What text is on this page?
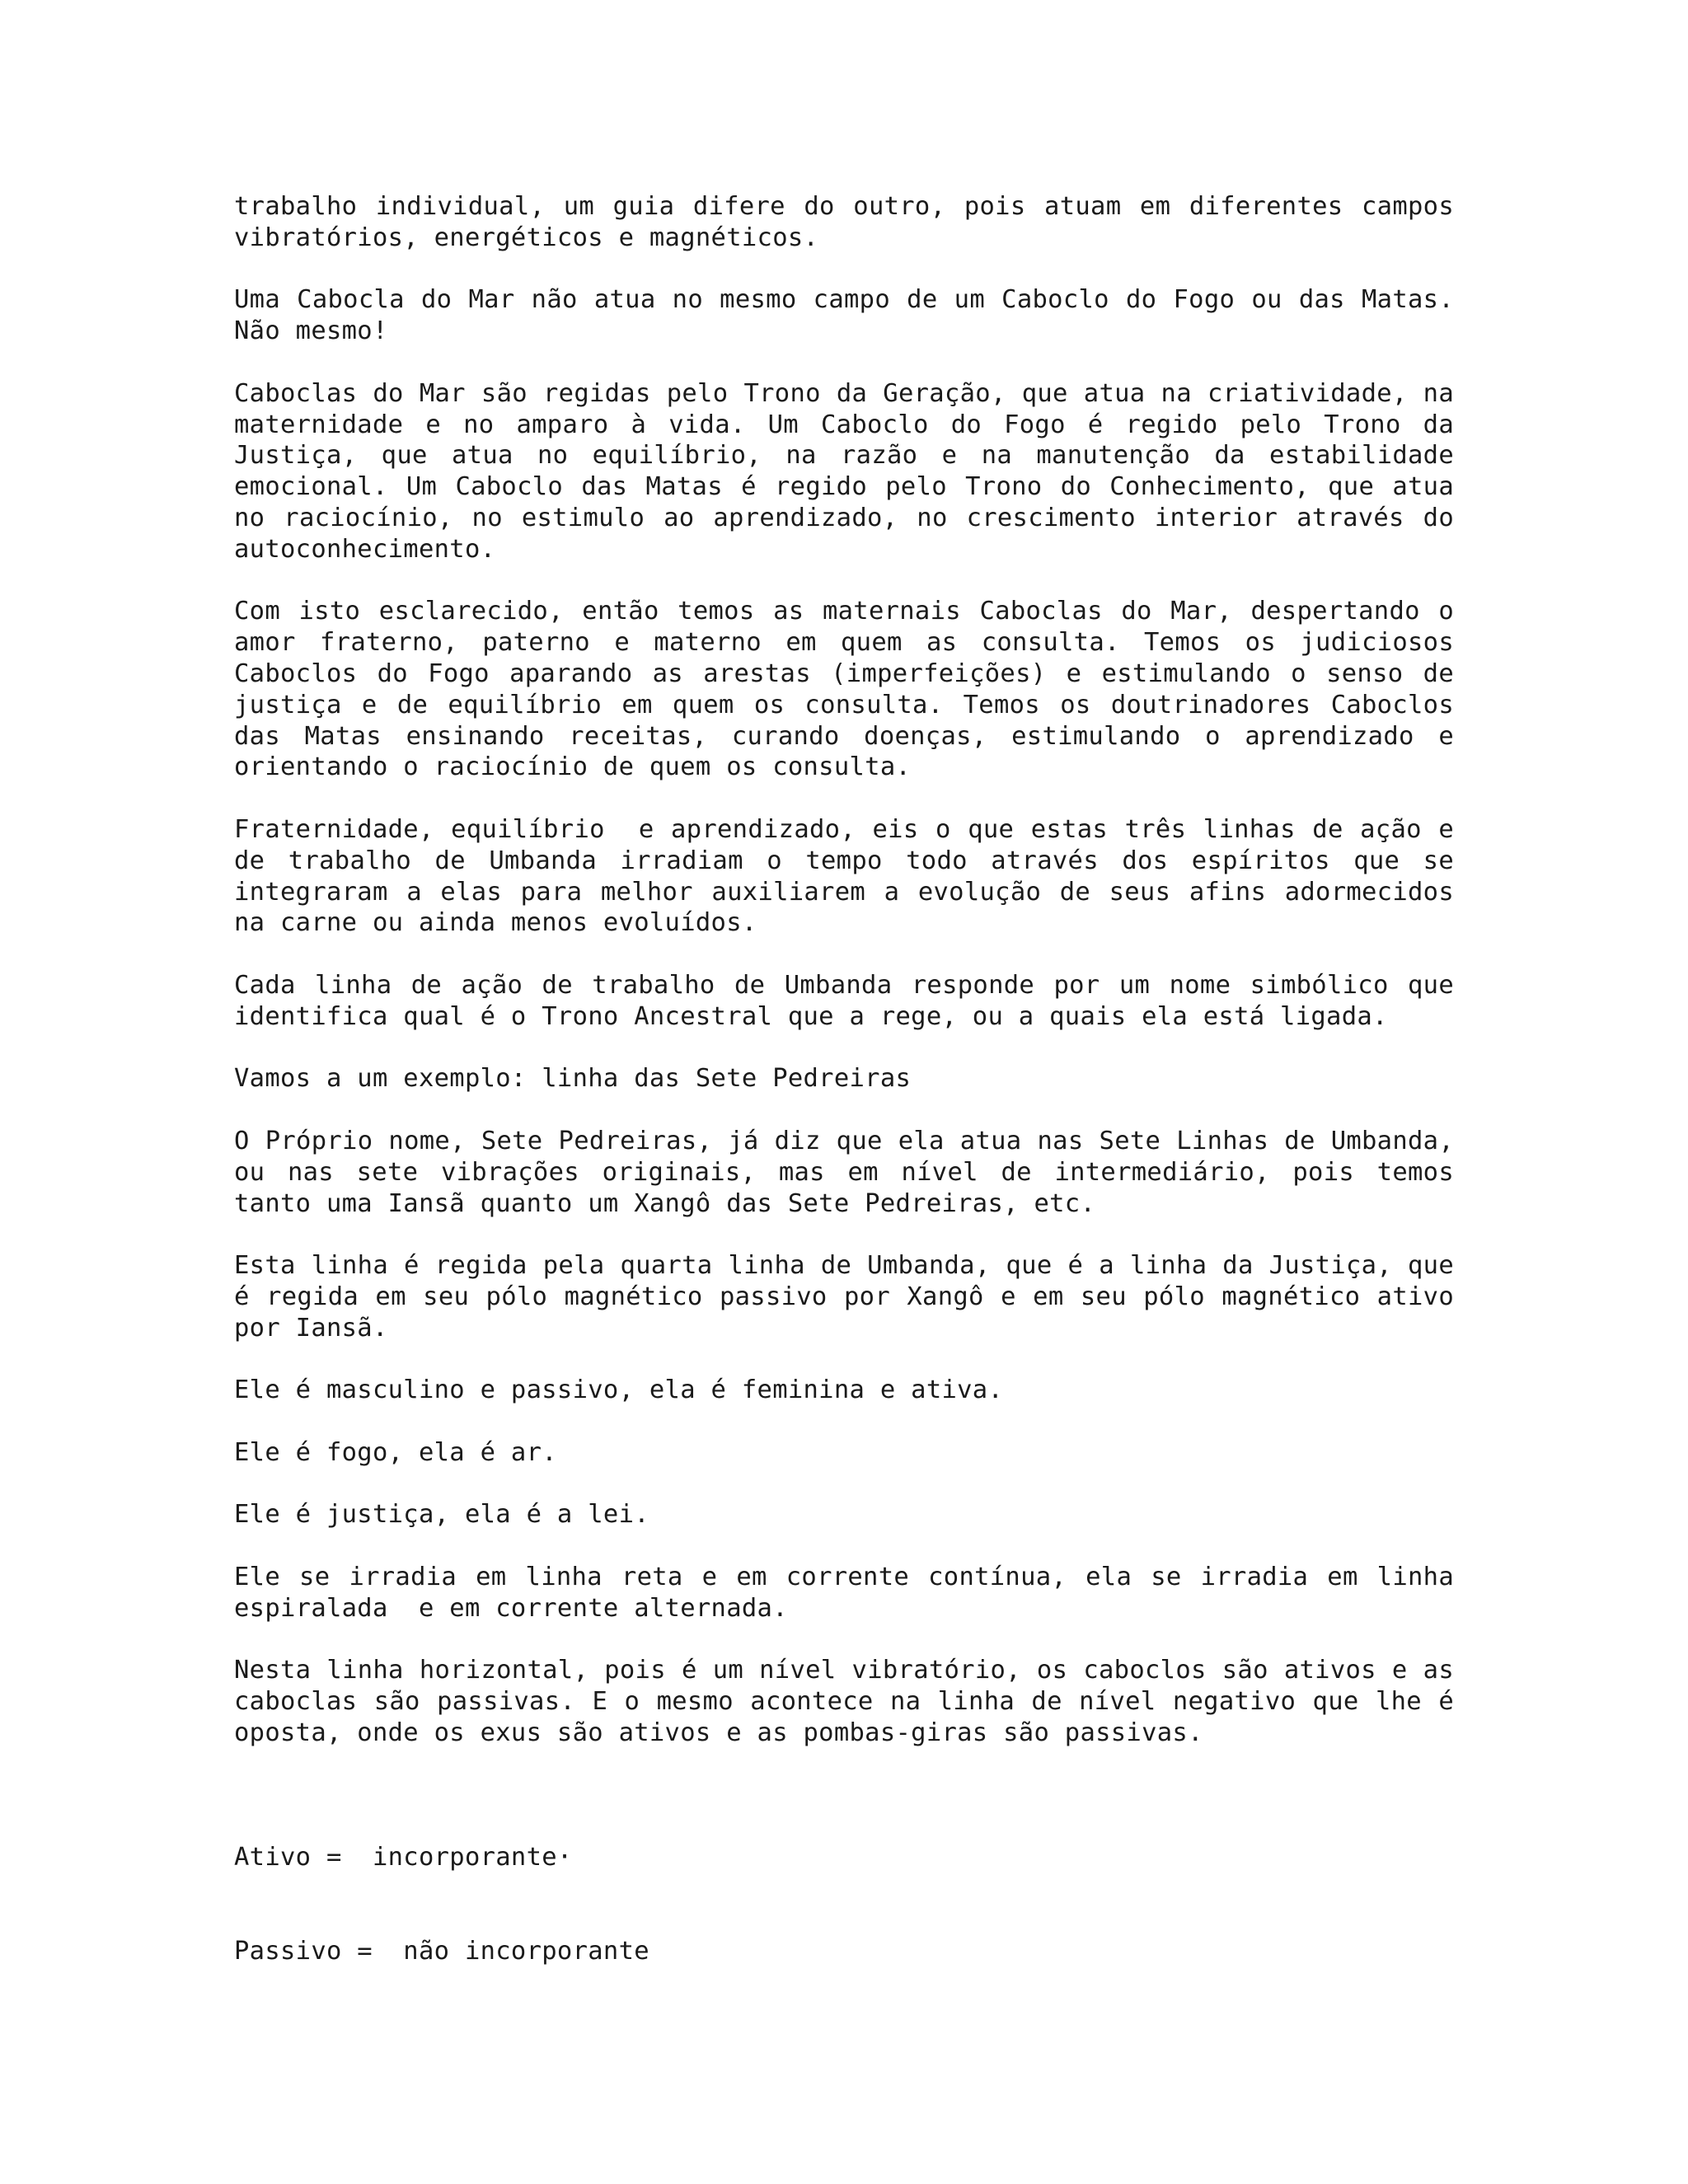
trabalho individual, um guia difere do outro, pois atuam em diferentes campos vibratórios, energéticos e magnéticos.

Uma Cabocla do Mar não atua no mesmo campo de um Caboclo do Fogo ou das Matas. Não mesmo!

Caboclas do Mar são regidas pelo Trono da Geração, que atua na criatividade, na maternidade e no amparo à vida. Um Caboclo do Fogo é regido pelo Trono da Justiça, que atua no equilíbrio, na razão e na manutenção da estabilidade emocional. Um Caboclo das Matas é regido pelo Trono do Conhecimento, que atua no raciocínio, no estimulo ao aprendizado, no crescimento interior através do autoconhecimento.

Com isto esclarecido, então temos as maternais Caboclas do Mar, despertando o amor fraterno, paterno e materno em quem as consulta. Temos os judiciosos Caboclos do Fogo aparando as arestas (imperfeições) e estimulando o senso de justiça e de equilíbrio em quem os consulta. Temos os doutrinadores Caboclos das Matas ensinando receitas, curando doenças, estimulando o aprendizado e orientando o raciocínio de quem os consulta.

Fraternidade, equilíbrio  e aprendizado, eis o que estas três linhas de ação e de trabalho de Umbanda irradiam o tempo todo através dos espíritos que se integraram a elas para melhor auxiliarem a evolução de seus afins adormecidos na carne ou ainda menos evoluídos.

Cada linha de ação de trabalho de Umbanda responde por um nome simbólico que identifica qual é o Trono Ancestral que a rege, ou a quais ela está ligada.

Vamos a um exemplo: linha das Sete Pedreiras

O Próprio nome, Sete Pedreiras, já diz que ela atua nas Sete Linhas de Umbanda, ou nas sete vibrações originais, mas em nível de intermediário, pois temos tanto uma Iansã quanto um Xangô das Sete Pedreiras, etc.

Esta linha é regida pela quarta linha de Umbanda, que é a linha da Justiça, que é regida em seu pólo magnético passivo por Xangô e em seu pólo magnético ativo por Iansã.

Ele é masculino e passivo, ela é feminina e ativa.

Ele é fogo, ela é ar.

Ele é justiça, ela é a lei.

Ele se irradia em linha reta e em corrente contínua, ela se irradia em linha espiralada  e em corrente alternada.

Nesta linha horizontal, pois é um nível vibratório, os caboclos são ativos e as caboclas são passivas. E o mesmo acontece na linha de nível negativo que lhe é oposta, onde os exus são ativos e as pombas-giras são passivas.

Ativo =  incorporante·

Passivo =  não incorporante
